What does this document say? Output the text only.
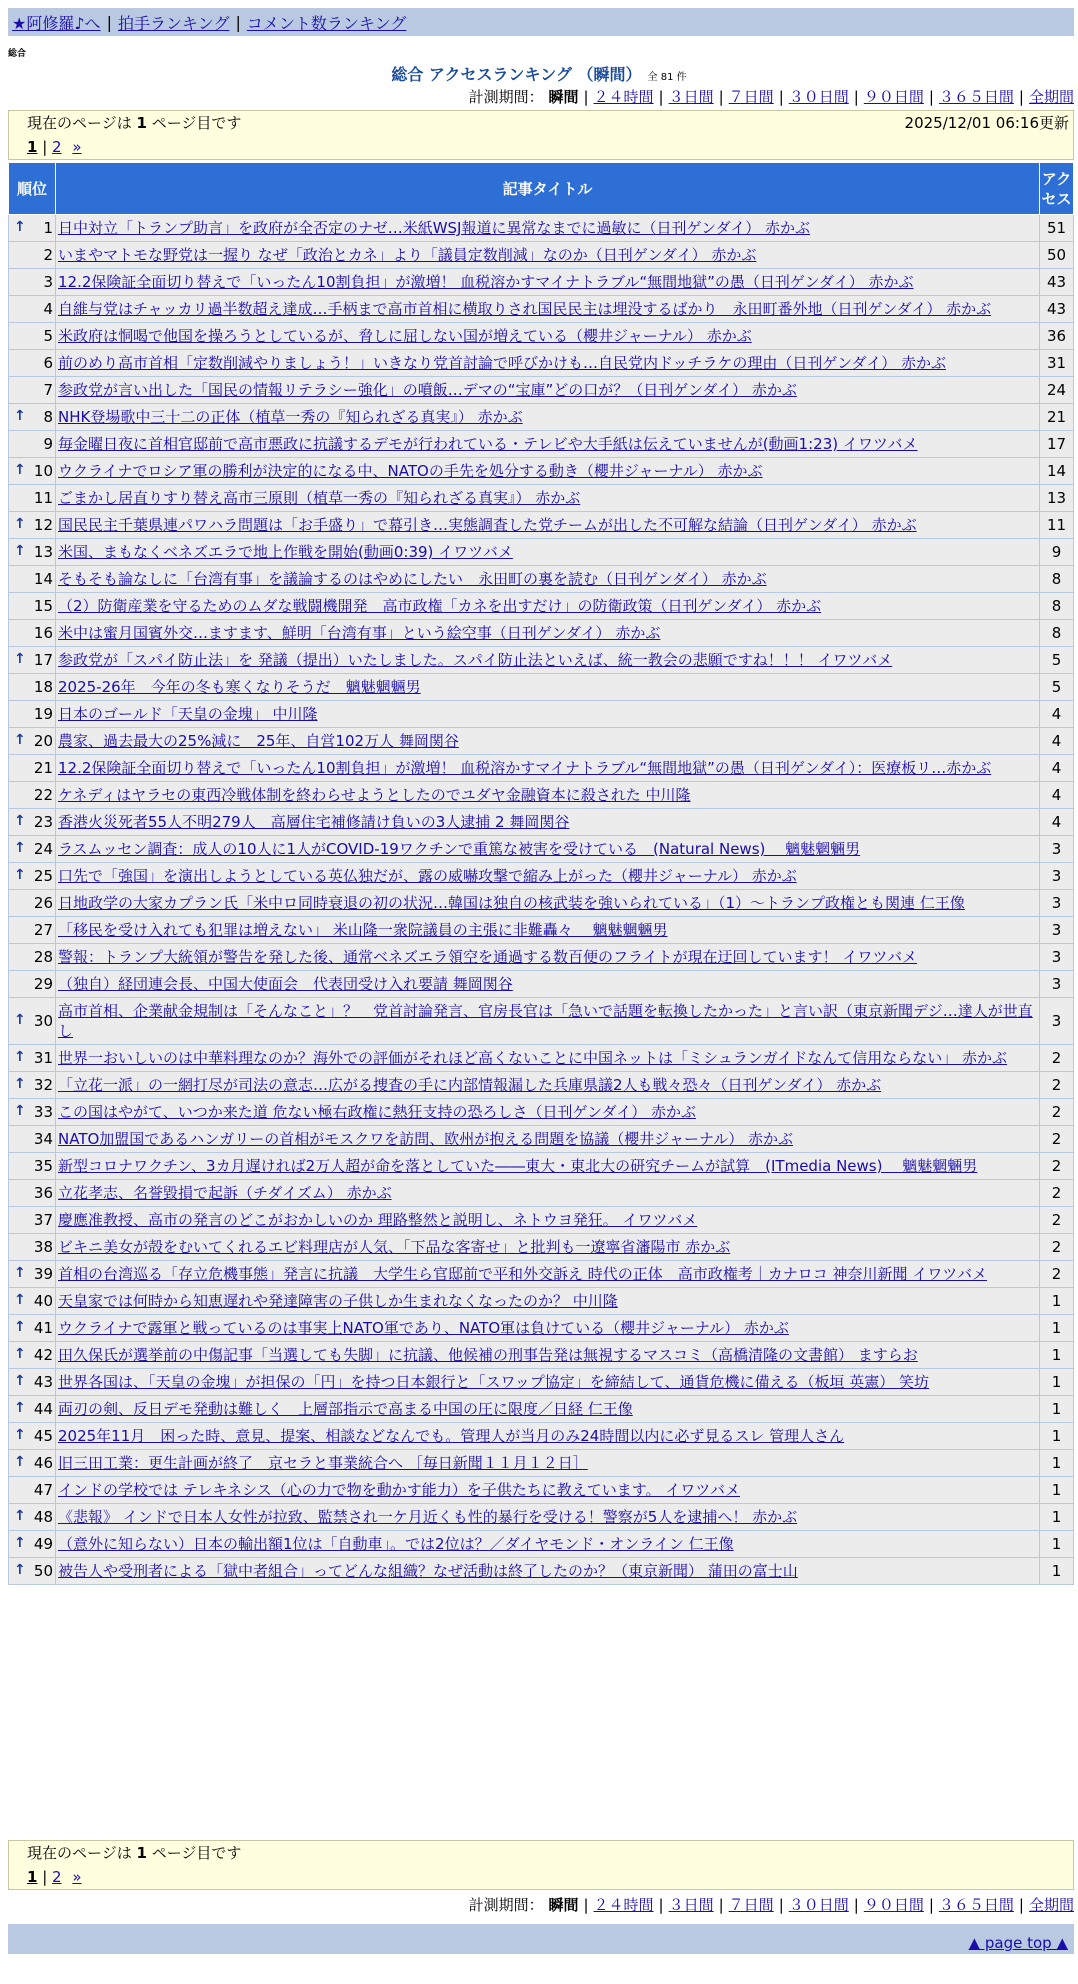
★阿修羅♪へ | 拍手ランキング | コメント数ランキング
総合
総合 アクセスランキング （瞬間） 全 81 件
計測期間： 瞬間 | ２４時間 | ３日間 | ７日間 | ３０日間 | ９０日間 | ３６５日間 | 全期間
現在のページは 1 ページ目です	2025/12/01 06:16更新
1 | 2 »
順位	記事タイトル	アクセス

↑ 1	日中対立「トランプ助言」を政府が全否定のナゼ…米紙WSJ報道に異常なまでに過敏に（日刊ゲンダイ） 赤かぶ	51
2	いまやマトモな野党は一握り なぜ「政治とカネ」より「議員定数削減」なのか（日刊ゲンダイ） 赤かぶ	50
3	12.2保険証全面切り替えで「いったん10割負担」が激増！ 血税溶かすマイナトラブル“無間地獄”の愚（日刊ゲンダイ） 赤かぶ	43
4	自維与党はチャッカリ過半数超え達成…手柄まで高市首相に横取りされ国民民主は埋没するばかり　永田町番外地（日刊ゲンダイ） 赤かぶ	43
5	米政府は恫喝で他国を操ろうとしているが、脅しに屈しない国が増えている（櫻井ジャーナル） 赤かぶ	36
6	前のめり高市首相「定数削減やりましょう！」いきなり党首討論で呼びかけも…自民党内ドッチラケの理由（日刊ゲンダイ） 赤かぶ	31
7	参政党が言い出した「国民の情報リテラシー強化」の噴飯…デマの“宝庫”どの口が？（日刊ゲンダイ） 赤かぶ	24

↑ 8	NHK登場歌中三十二の正体（植草一秀の『知られざる真実』） 赤かぶ	21
9	毎金曜日夜に首相官邸前で高市悪政に抗議するデモが行われている・テレビや大手紙は伝えていませんが(動画1:23) イワツバメ	17

↑ 10	ウクライナでロシア軍の勝利が決定的になる中、NATOの手先を処分する動き（櫻井ジャーナル） 赤かぶ	14
11	ごまかし居直りすり替え高市三原則（植草一秀の『知られざる真実』） 赤かぶ	13

↑ 12	国民民主千葉県連パワハラ問題は「お手盛り」で幕引き…実態調査した党チームが出した不可解な結論（日刊ゲンダイ） 赤かぶ	11

↑ 13	米国、まもなくベネズエラで地上作戦を開始(動画0:39) イワツバメ	9
14	そもそも論なしに「台湾有事」を議論するのはやめにしたい　永田町の裏を読む（日刊ゲンダイ） 赤かぶ	8
15	（2）防衛産業を守るためのムダな戦闘機開発　高市政権「カネを出すだけ」の防衛政策（日刊ゲンダイ） 赤かぶ	8
16	米中は蜜月国賓外交…ますます、鮮明「台湾有事」という絵空事（日刊ゲンダイ） 赤かぶ	8

↑ 17	参政党が「スパイ防止法」を 発議（提出）いたしました。スパイ防止法といえば、統一教会の悲願ですね！！！ イワツバメ	5
18	2025-26年　今年の冬も寒くなりそうだ　魑魅魍魎男	5
19	日本のゴールド「天皇の金塊」 中川隆	4

↑ 20	農家、過去最大の25%減に　25年、自営102万人 舞岡関谷	4
21	12.2保険証全面切り替えで「いったん10割負担」が激増！ 血税溶かすマイナトラブル“無間地獄”の愚（日刊ゲンダイ）：医療板リ…赤かぶ	4
22	ケネディはヤラセの東西冷戦体制を終わらせようとしたのでユダヤ金融資本に殺された 中川隆	4

↑ 23	香港火災死者55人不明279人　高層住宅補修請け負いの3人逮捕 2 舞岡関谷	4

↑ 24	ラスムッセン調査：成人の10人に1人がCOVID-19ワクチンで重篤な被害を受けている　(Natural News)　 魑魅魍魎男	3

↑ 25	口先で「強国」を演出しようとしている英仏独だが、露の威嚇攻撃で縮み上がった（櫻井ジャーナル） 赤かぶ	3
26	日地政学の大家カプラン氏「米中ロ同時衰退の初の状況…韓国は独自の核武装を強いられている」（1）～トランプ政権とも関連 仁王像	3
27	「移民を受け入れても犯罪は増えない」 米山隆一衆院議員の主張に非難轟々　 魑魅魍魎男	3
28	警報：トランプ大統領が警告を発した後、通常ベネズエラ領空を通過する数百便のフライトが現在迂回しています！ イワツバメ	3
29	（独自）経団連会長、中国大使面会　代表団受け入れ要請 舞岡関谷	3

↑ 30	高市首相、企業献金規制は「そんなこと」？　党首討論発言、官房長官は「急いで話題を転換したかった」と言い訳（東京新聞デジ…達人が世直し	3

↑ 31	世界一おいしいのは中華料理なのか？海外での評価がそれほど高くないことに中国ネットは「ミシュランガイドなんて信用ならない」 赤かぶ	2

↑ 32	「立花一派」の一網打尽が司法の意志…広がる捜査の手に内部情報漏した兵庫県議2人も戦々恐々（日刊ゲンダイ） 赤かぶ	2

↑ 33	この国はやがて、いつか来た道 危ない極右政権に熱狂支持の恐ろしさ（日刊ゲンダイ） 赤かぶ	2
34	NATO加盟国であるハンガリーの首相がモスクワを訪問、欧州が抱える問題を協議（櫻井ジャーナル） 赤かぶ	2
35	新型コロナワクチン、3カ月遅ければ2万人超が命を落としていた――東大・東北大の研究チームが試算　(ITmedia News)　 魑魅魍魎男	2
36	立花孝志、名誉毀損で起訴（チダイズム） 赤かぶ	2
37	慶應准教授、高市の発言のどこがおかしいのか 理路整然と説明し、ネトウヨ発狂。 イワツバメ	2
38	ビキニ美女が殻をむいてくれるエビ料理店が人気、「下品な客寄せ」と批判も一遼寧省瀋陽市 赤かぶ	2

↑ 39	首相の台湾巡る「存立危機事態」発言に抗議　大学生ら官邸前で平和外交訴え 時代の正体　高市政権考｜カナロコ 神奈川新聞 イワツバメ	2

↑ 40	天皇家では何時から知恵遅れや発達障害の子供しか生まれなくなったのか？ 中川隆	1

↑ 41	ウクライナで露軍と戦っているのは事実上NATO軍であり、NATO軍は負けている（櫻井ジャーナル） 赤かぶ	1

↑ 42	田久保氏が選挙前の中傷記事「当選しても失脚」に抗議、他候補の刑事告発は無視するマスコミ（高橋清隆の文書館） ますらお	1

↑ 43	世界各国は、「天皇の金塊」が担保の「円」を持つ日本銀行と「スワップ協定」を締結して、通貨危機に備える（板垣 英憲） 笑坊	1

↑ 44	両刃の剣、反日デモ発動は難しく　上層部指示で高まる中国の圧に限度／日経 仁王像	1

↑ 45	2025年11月　困った時、意見、提案、相談などなんでも。管理人が当月のみ24時間以内に必ず見るスレ 管理人さん	1

↑ 46	旧三田工業：更生計画が終了　京セラと事業統合へ ［毎日新聞１１月１２日］	1
47	インドの学校では テレキネシス（心の力で物を動かす能力）を子供たちに教えています。 イワツバメ	1

↑ 48	《悲報》 インドで日本人女性が拉致、監禁され一ケ月近くも性的暴行を受ける！警察が5人を逮捕へ！ 赤かぶ	1

↑ 49	（意外に知らない）日本の輸出額1位は「自動車」。では2位は？／ダイヤモンド・オンライン 仁王像	1

↑ 50	被告人や受刑者による「獄中者組合」ってどんな組織？なぜ活動は終了したのか？（東京新聞） 蒲田の富士山	1
計測期間： 瞬間 | ２４時間 | ３日間 | ７日間 | ３０日間 | ９０日間 | ３６５日間 | 全期間
現在のページは 1 ページ目です
1 | 2 »
▲ page top ▲
